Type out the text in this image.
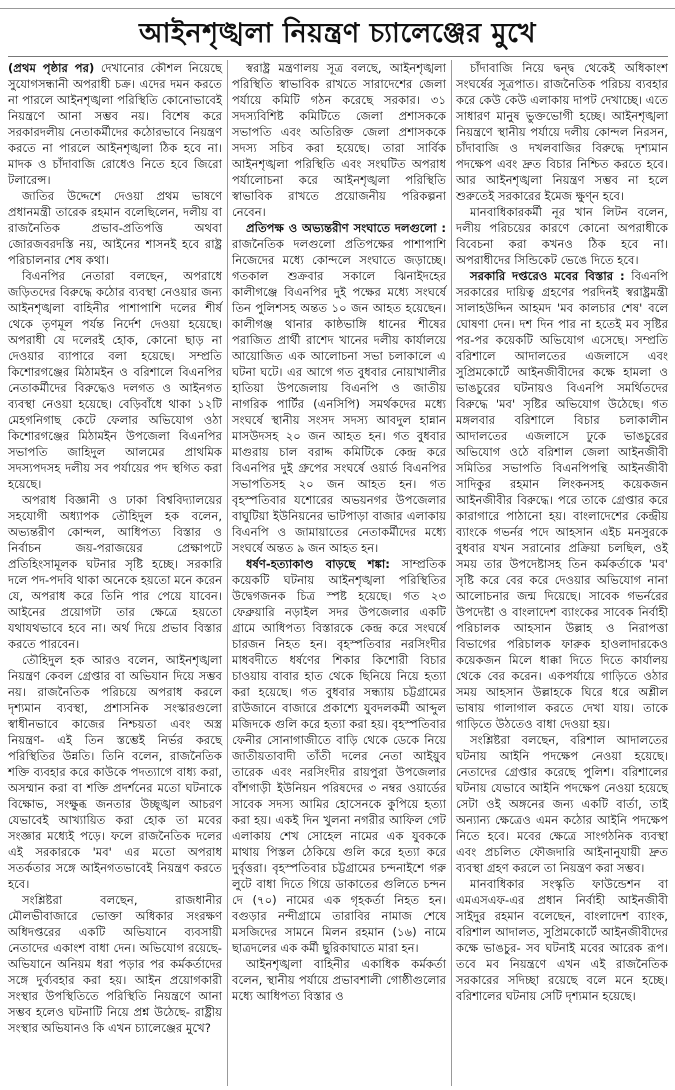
আইনশৃঙ্খলা নিয়ন্ত্রণ চ্যালেঞ্জের মুখে

(প্রথম পৃষ্ঠার পর) দেখানোর কৌশল নিয়েছে সুযোগসন্ধানী অপরাধী চক্র। এদের দমন করতে না পারলে আইনশৃঙ্খলা পরিস্থিতি কোনোভাবেই নিয়ন্ত্রণে আনা সম্ভব নয়। বিশেষ করে সরকারদলীয় নেতাকর্মীদের কঠোরভাবে নিয়ন্ত্রণ করতে না পারলে আইনশৃঙ্খলা ঠিক হবে না। মাদক ও চাঁদাবাজি রোধেও নিতে হবে জিরো টলারেন্স।

জাতির উদ্দেশে দেওয়া প্রথম ভাষণে প্রধানমন্ত্রী তারেক রহমান বলেছিলেন, দলীয় বা রাজনৈতিক প্রভাব-প্রতিপত্তি অথবা জোরজবরদস্তি নয়, আইনের শাসনই হবে রাষ্ট্র পরিচালনার শেষ কথা।

বিএনপির নেতারা বলছেন, অপরাধে জড়িতদের বিরুদ্ধে কঠোর ব্যবস্থা নেওয়ার জন্য আইনশৃঙ্খলা বাহিনীর পাশাপাশি দলের শীর্ষ থেকে তৃণমূল পর্যন্ত নির্দেশ দেওয়া হয়েছে। অপরাধী যে দলেরই হোক, কোনো ছাড় না দেওয়ার ব্যাপারে বলা হয়েছে। সম্প্রতি কিশোরগঞ্জের মিঠামইন ও বরিশালে বিএনপির নেতাকর্মীদের বিরুদ্ধেও দলগত ও আইনগত ব্যবস্থা নেওয়া হয়েছে। বেড়িবাঁধে থাকা ১২টি মেহগনিগাছ কেটে ফেলার অভিযোগ ওঠা কিশোরগঞ্জের মিঠামইন উপজেলা বিএনপির সভাপতি জাহিদুল আলমের প্রাথমিক সদস্যপদসহ দলীয় সব পর্যায়ের পদ স্থগিত করা হয়েছে।

অপরাধ বিজ্ঞানী ও ঢাকা বিশ্ববিদ্যালয়ের সহযোগী অধ্যাপক তৌহিদুল হক বলেন, অভ্যন্তরীণ কোন্দল, আধিপত্য বিস্তার ও নির্বাচন জয়-পরাজয়ের প্রেক্ষাপটে প্রতিহিংসামূলক ঘটনার সৃষ্টি হচ্ছে। সরকারি দলে পদ-পদবি থাকা অনেকে হয়তো মনে করেন যে, অপরাধ করে তিনি পার পেয়ে যাবেন। আইনের প্রয়োগটা তার ক্ষেত্রে হয়তো যথাযথভাবে হবে না। অর্থ দিয়ে প্রভাব বিস্তার করতে পারবেন।

তৌহিদুল হক আরও বলেন, আইনশৃঙ্খলা নিয়ন্ত্রণ কেবল গ্রেপ্তার বা অভিযান দিয়ে সম্ভব নয়। রাজনৈতিক পরিচয়ে অপরাধ করলে দৃশ্যমান ব্যবস্থা, প্রশাসনিক সংস্কারগুলো স্বাধীনভাবে কাজের নিশ্চয়তা এবং অস্ত্র নিয়ন্ত্রণ- এই তিন স্তম্ভেই নির্ভর করছে পরিস্থিতির উন্নতি। তিনি বলেন, রাজনৈতিক শক্তি ব্যবহার করে কাউকে পদত্যাগে বাধ্য করা, অসম্মান করা বা শক্তি প্রদর্শনের মতো ঘটনাকে বিক্ষোভ, সংক্ষুব্ধ জনতার উচ্ছৃঙ্খল আচরণ যেভাবেই আখ্যায়িত করা হোক তা মবের সংজ্ঞার মধ্যেই পড়ে। ফলে রাজনৈতিক দলের এই সরকারকে 'মব' এর মতো অপরাধ সতর্কতার সঙ্গে আইনগতভাবেই নিয়ন্ত্রণ করতে হবে।

সংশ্লিষ্টরা বলছেন, রাজধানীর মৌলভীবাজারে ভোক্তা অধিকার সংরক্ষণ অধিদপ্তরের একটি অভিযানে ব্যবসায়ী নেতাদের একাংশ বাধা দেন। অভিযোগ রয়েছে- অভিযানে অনিয়ম ধরা পড়ার পর কর্মকর্তাদের সঙ্গে দুর্ব্যবহার করা হয়। আইন প্রয়োগকারী সংস্থার উপস্থিতিতে পরিস্থিতি নিয়ন্ত্রণে আনা সম্ভব হলেও ঘটনাটি নিয়ে প্রশ্ন উঠেছে- রাষ্ট্রীয় সংস্থার অভিযানও কি এখন চ্যালেঞ্জের মুখে?

স্বরাষ্ট্র মন্ত্রণালয় সূত্র বলছে, আইনশৃঙ্খলা পরিস্থিতি স্বাভাবিক রাখতে সারাদেশের জেলা পর্যায়ে কমিটি গঠন করেছে সরকার। ৩১ সদস্যবিশিষ্ট কমিটিতে জেলা প্রশাসককে সভাপতি এবং অতিরিক্ত জেলা প্রশাসককে সদস্য সচিব করা হয়েছে। তারা সার্বিক আইনশৃঙ্খলা পরিস্থিতি এবং সংঘটিত অপরাধ পর্যালোচনা করে আইনশৃঙ্খলা পরিস্থিতি স্বাভাবিক রাখতে প্রয়োজনীয় পরিকল্পনা নেবেন।

প্রতিপক্ষ ও অভ্যন্তরীণ সংঘাতে দলগুলো : রাজনৈতিক দলগুলো প্রতিপক্ষের পাশাপাশি নিজেদের মধ্যে কোন্দলে সংঘাতে জড়াচ্ছে। গতকাল শুক্রবার সকালে ঝিনাইদহের কালীগঞ্জে বিএনপির দুই পক্ষের মধ্যে সংঘর্ষে তিন পুলিশসহ অন্তত ১০ জন আহত হয়েছেন। কালীগঞ্জ থানার কাষ্ঠভাঙ্গি ধানের শীষের পরাজিত প্রার্থী রাশেদ খানের দলীয় কার্যালয়ে আয়োজিত এক আলোচনা সভা চলাকালে এ ঘটনা ঘটে। এর আগে গত বুধবার নোয়াখালীর হাতিয়া উপজেলায় বিএনপি ও জাতীয় নাগরিক পার্টির (এনসিপি) সমর্থকদের মধ্যে সংঘর্ষে স্থানীয় সংসদ সদস্য আবদুল হান্নান মাসউদসহ ২০ জন আহত হন। গত বুধবার মাগুরায় চাল বরাদ্দ কমিটিকে কেন্দ্র করে বিএনপির দুই গ্রুপের সংঘর্ষে ওয়ার্ড বিএনপির সভাপতিসহ ২০ জন আহত হন। গত বৃহস্পতিবার যশোরের অভয়নগর উপজেলার বাঘুটিয়া ইউনিয়নের ভাটপাড়া বাজার এলাকায় বিএনপি ও জামায়াতের নেতাকর্মীদের মধ্যে সংঘর্ষে অন্তত ৯ জন আহত হন।

ধর্ষণ-হত্যাকাণ্ড বাড়ছে শঙ্কা: সাম্প্রতিক কয়েকটি ঘটনায় আইনশৃঙ্খলা পরিস্থিতির উদ্বেগজনক চিত্র স্পষ্ট হয়েছে। গত ২৩ ফেব্রুয়ারি নড়াইল সদর উপজেলার একটি গ্রামে আধিপত্য বিস্তারকে কেন্দ্র করে সংঘর্ষে চারজন নিহত হন। বৃহস্পতিবার নরসিংদীর মাধবদীতে ধর্ষণের শিকার কিশোরী বিচার চাওয়ায় বাবার হাত থেকে ছিনিয়ে নিয়ে হত্যা করা হয়েছে। গত বুধবার সন্ধ্যায় চট্টগ্রামের রাউজানে বাজারে প্রকাশ্যে যুবদলকর্মী আব্দুল মজিদকে গুলি করে হত্যা করা হয়। বৃহস্পতিবার ফেনীর সোনাগাজীতে বাড়ি থেকে ডেকে নিয়ে জাতীয়তাবাদী তাঁতী দলের নেতা আইয়ুব তারেক এবং নরসিংদীর রায়পুরা উপজেলার বাঁশগাড়ী ইউনিয়ন পরিষদের ৩ নম্বর ওয়ার্ডের সাবেক সদস্য আমির হোসেনকে কুপিয়ে হত্যা করা হয়। একই দিন খুলনা নগরীর আফিল গেট এলাকায় শেখ সোহেল নামের এক যুবককে মাথায় পিস্তল ঠেকিয়ে গুলি করে হত্যা করে দুর্বৃত্তরা। বৃহস্পতিবার চট্টগ্রামের চন্দনাইশে গরু লুটে বাধা দিতে গিয়ে ডাকাতের গুলিতে চন্দন দে (৭০) নামের এক গৃহকর্তা নিহত হন। বগুড়ার নন্দীগ্রামে তারাবির নামাজ শেষে মসজিদের সামনে মিলন রহমান (১৬) নামে ছাত্রদলের এক কর্মী ছুরিকাঘাতে মারা হন।

আইনশৃঙ্খলা বাহিনীর একাধিক কর্মকর্তা বলেন, স্থানীয় পর্যায়ে প্রভাবশালী গোষ্ঠীগুলোর মধ্যে আধিপত্য বিস্তার ও

চাঁদাবাজি নিয়ে দ্বন্দ্ব থেকেই অধিকাংশ সংঘর্ষের সূত্রপাত। রাজনৈতিক পরিচয় ব্যবহার করে কেউ কেউ এলাকায় দাপট দেখাচ্ছে। এতে সাধারণ মানুষ ভুক্তভোগী হচ্ছে। আইনশৃঙ্খলা নিয়ন্ত্রণে স্থানীয় পর্যায়ে দলীয় কোন্দল নিরসন, চাঁদাবাজি ও দখলবাজির বিরুদ্ধে দৃশ্যমান পদক্ষেপ এবং দ্রুত বিচার নিশ্চিত করতে হবে। আর আইনশৃঙ্খলা নিয়ন্ত্রণ সম্ভব না হলে শুরুতেই সরকারের ইমেজ ক্ষুণ্ন হবে।

মানবাধিকারকর্মী নূর খান লিটন বলেন, দলীয় পরিচয়ের কারণে কোনো অপরাধীকে বিবেচনা করা কখনও ঠিক হবে না। অপরাধীদের সিন্ডিকেট ভেঙে দিতে হবে।

সরকারি দপ্তরেও মবের বিস্তার : বিএনপি সরকারের দায়িত্ব গ্রহণের পরদিনই স্বরাষ্ট্রমন্ত্রী সালাহউদ্দিন আহমদ 'মব কালচার শেষ' বলে ঘোষণা দেন। দশ দিন পার না হতেই মব সৃষ্টির পর-পর কয়েকটি অভিযোগ এসেছে। সম্প্রতি বরিশালে আদালতের এজলাসে এবং সুপ্রিমকোর্টে আইনজীবীদের কক্ষে হামলা ও ভাঙচুরের ঘটনায়ও বিএনপি সমর্থিতদের বিরুদ্ধে 'মব' সৃষ্টির অভিযোগ উঠেছে। গত মঙ্গলবার বরিশালে বিচার চলাকালীন আদালতের এজলাসে ঢুকে ভাঙচুরের অভিযোগ ওঠে বরিশাল জেলা আইনজীবী সমিতির সভাপতি বিএনপিপন্থি আইনজীবী সাদিকুর রহমান লিংকনসহ কয়েকজন আইনজীবীর বিরুদ্ধে। পরে তাকে গ্রেপ্তার করে কারাগারে পাঠানো হয়। বাংলাদেশের কেন্দ্রীয় ব্যাংকে গভর্নর পদে আহসান এইচ মনসুরকে বুধবার যখন সরানোর প্রক্রিয়া চলছিল, ওই সময় তার উপদেষ্টাসহ তিন কর্মকর্তাকে 'মব' সৃষ্টি করে বের করে দেওয়ার অভিযোগ নানা আলোচনার জন্ম দিয়েছে। সাবেক গভর্নরের উপদেষ্টা ও বাংলাদেশ ব্যাংকের সাবেক নির্বাহী পরিচালক আহসান উল্লাহ ও নিরাপত্তা বিভাগের পরিচালক ফারুক হাওলাদারকেও কয়েকজন মিলে ধাক্কা দিতে দিতে কার্যালয় থেকে বের করেন। একপর্যায়ে গাড়িতে ওঠার সময় আহসান উল্লাহকে ঘিরে ধরে অশ্লীল ভাষায় গালাগাল করতে দেখা যায়। তাকে গাড়িতে উঠতেও বাধা দেওয়া হয়।

সংশ্লিষ্টরা বলছেন, বরিশাল আদালতের ঘটনায় আইনি পদক্ষেপ নেওয়া হয়েছে। নেতাদের গ্রেপ্তার করেছে পুলিশ। বরিশালের ঘটনায় যেভাবে আইনি পদক্ষেপ নেওয়া হয়েছে সেটা ওই অঙ্গনের জন্য একটি বার্তা, তাই অন্যান্য ক্ষেত্রেও এমন কঠোর আইনি পদক্ষেপ নিতে হবে। মবের ক্ষেত্রে সাংগঠনিক ব্যবস্থা এবং প্রচলিত ফৌজদারি আইনানুযায়ী দ্রুত ব্যবস্থা গ্রহণ করলে তা নিয়ন্ত্রণ করা সম্ভব।

মানবাধিকার সংস্কৃতি ফাউন্ডেশন বা এমএসএফ-এর প্রধান নির্বাহী আইনজীবী সাইদুর রহমান বলেছেন, বাংলাদেশ ব্যাংক, বরিশাল আদালত, সুপ্রিমকোর্টে আইনজীবীদের কক্ষে ভাঙচুর- সব ঘটনাই মবের আরেক রূপ। তবে মব নিয়ন্ত্রণে এখন এই রাজনৈতিক সরকারের সদিচ্ছা রয়েছে বলে মনে হচ্ছে। বরিশালের ঘটনায় সেটি দৃশ্যমান হয়েছে।
